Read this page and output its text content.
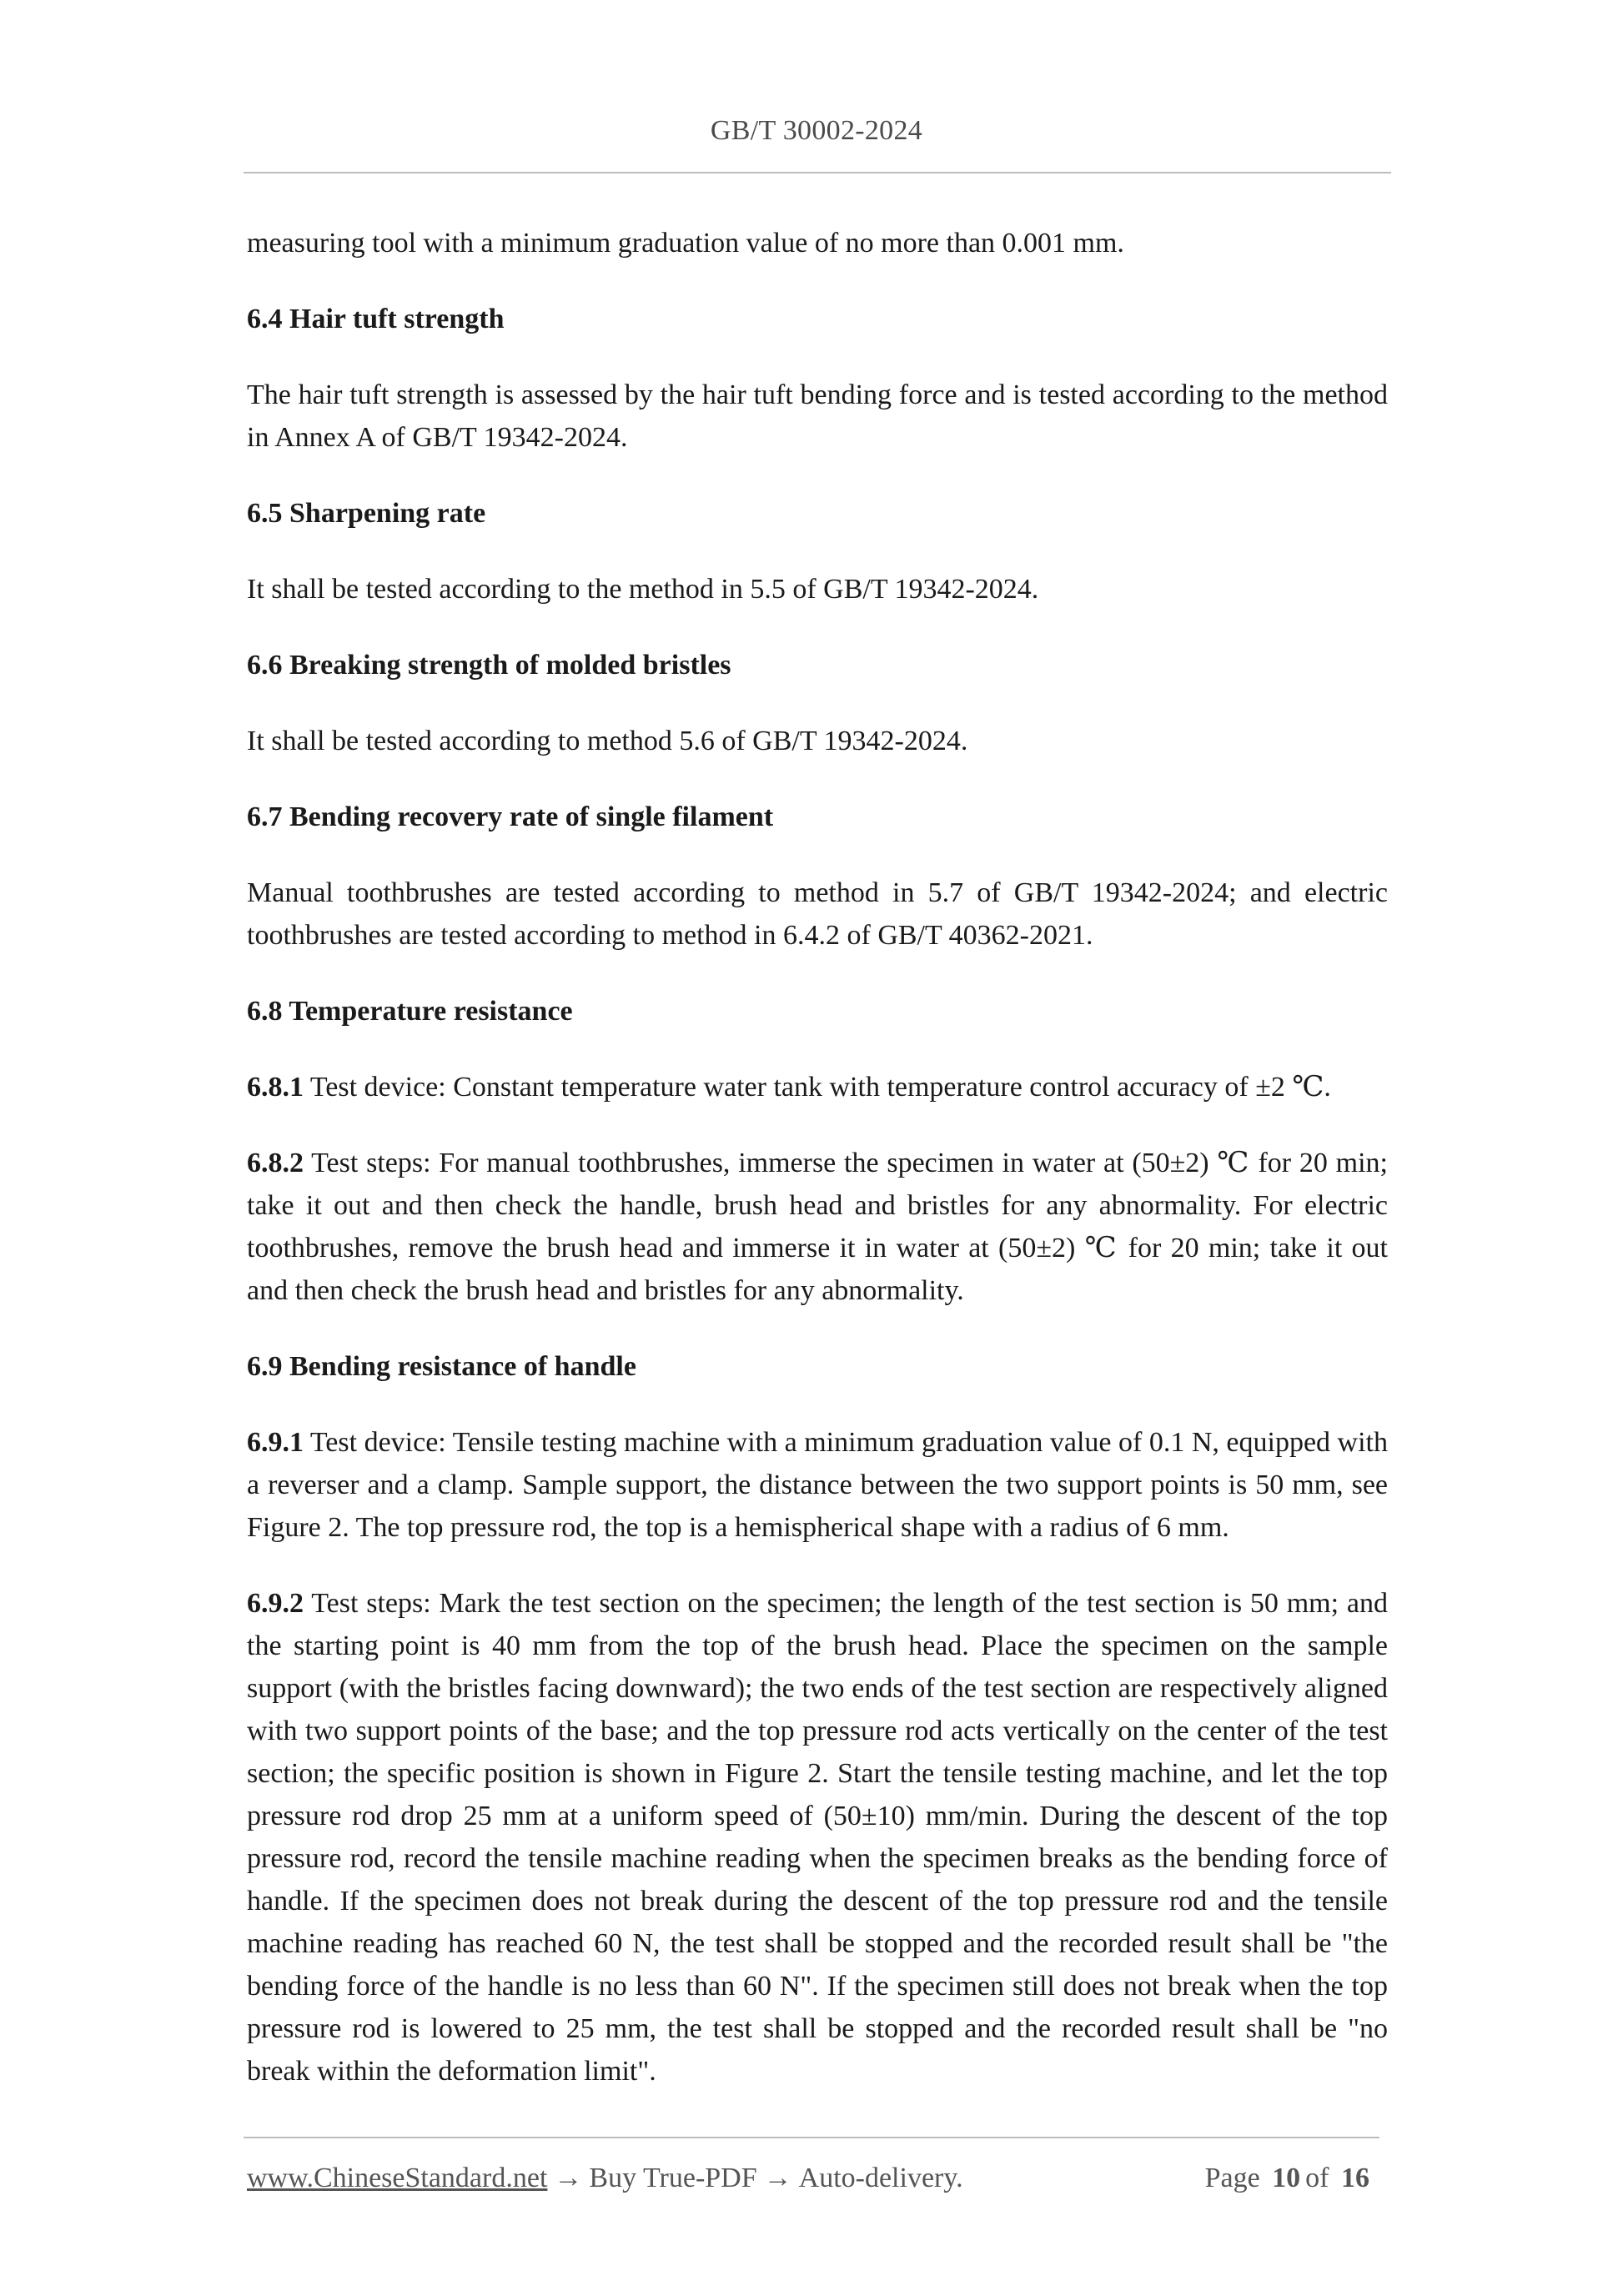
GB/T 30002-2024

measuring tool with a minimum graduation value of no more than 0.001 mm.

6.4 Hair tuft strength

The hair tuft strength is assessed by the hair tuft bending force and is tested according to the method in Annex A of GB/T 19342-2024.

6.5 Sharpening rate

It shall be tested according to the method in 5.5 of GB/T 19342-2024.

6.6 Breaking strength of molded bristles

It shall be tested according to method 5.6 of GB/T 19342-2024.

6.7 Bending recovery rate of single filament

Manual toothbrushes are tested according to method in 5.7 of GB/T 19342-2024; and electric toothbrushes are tested according to method in 6.4.2 of GB/T 40362-2021.

6.8 Temperature resistance

6.8.1 Test device: Constant temperature water tank with temperature control accuracy of ±2 ℃.

6.8.2 Test steps: For manual toothbrushes, immerse the specimen in water at (50±2) ℃ for 20 min; take it out and then check the handle, brush head and bristles for any abnormality. For electric toothbrushes, remove the brush head and immerse it in water at (50±2) ℃ for 20 min; take it out and then check the brush head and bristles for any abnormality.

6.9 Bending resistance of handle

6.9.1 Test device: Tensile testing machine with a minimum graduation value of 0.1 N, equipped with a reverser and a clamp. Sample support, the distance between the two support points is 50 mm, see Figure 2. The top pressure rod, the top is a hemispherical shape with a radius of 6 mm.

6.9.2 Test steps: Mark the test section on the specimen; the length of the test section is 50 mm; and the starting point is 40 mm from the top of the brush head. Place the specimen on the sample support (with the bristles facing downward); the two ends of the test section are respectively aligned with two support points of the base; and the top pressure rod acts vertically on the center of the test section; the specific position is shown in Figure 2. Start the tensile testing machine, and let the top pressure rod drop 25 mm at a uniform speed of (50±10) mm/min. During the descent of the top pressure rod, record the tensile machine reading when the specimen breaks as the bending force of handle. If the specimen does not break during the descent of the top pressure rod and the tensile machine reading has reached 60 N, the test shall be stopped and the recorded result shall be "the bending force of the handle is no less than 60 N". If the specimen still does not break when the top pressure rod is lowered to 25 mm, the test shall be stopped and the recorded result shall be "no break within the deformation limit".

www.ChineseStandard.net → Buy True-PDF → Auto-delivery.	Page 10 of 16
